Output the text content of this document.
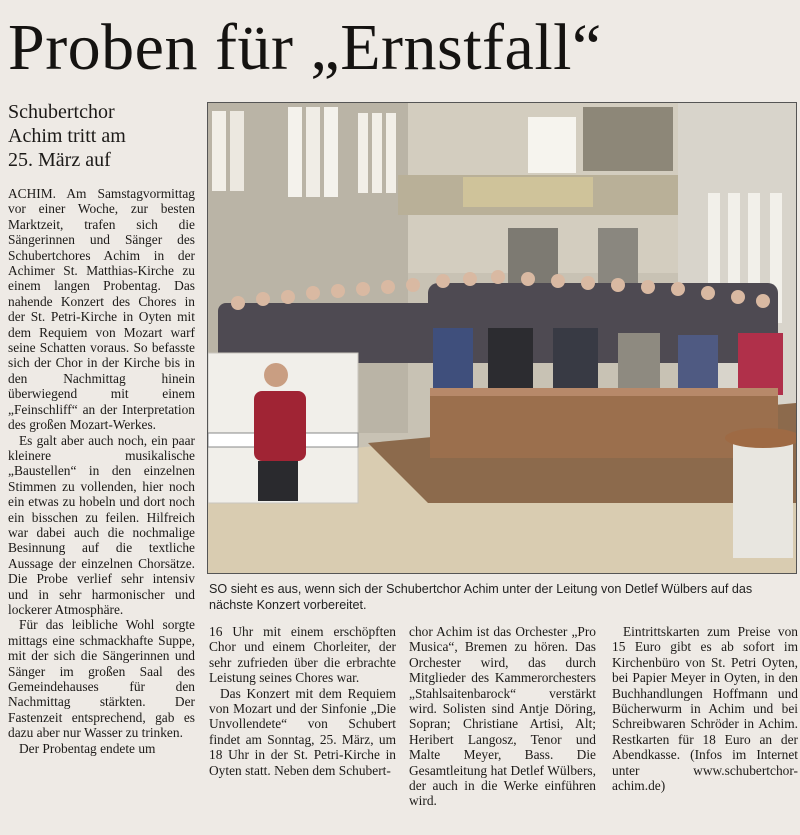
Proben für „Ernstfall“
Schubertchor
Achim tritt am
25. März auf

ACHIM. Am Samstagvormittag vor einer Woche, zur besten Marktzeit, trafen sich die Sängerinnen und Sänger des Schubertchores Achim in der Achimer St. Matthias-Kirche zu einem langen Probentag. Das nahende Konzert des Chores in der St. Petri-Kirche in Oyten mit dem Requiem von Mozart warf seine Schatten voraus. So befasste sich der Chor in der Kirche bis in den Nachmittag hinein überwiegend mit einem „Feinschliff“ an der Interpretation des großen Mozart-Werkes.

Es galt aber auch noch, ein paar kleinere musikalische „Baustellen“ in den einzelnen Stimmen zu vollenden, hier noch ein etwas zu hobeln und dort noch ein bisschen zu feilen. Hilfreich war dabei auch die nochmalige Besinnung auf die textliche Aussage der einzelnen Chorsätze. Die Probe verlief sehr intensiv und in sehr harmonischer und lockerer Atmosphäre.

Für das leibliche Wohl sorgte mittags eine schmackhafte Suppe, mit der sich die Sängerinnen und Sänger im großen Saal des Gemeindehauses für den Nachmittag stärkten. Der Fastenzeit entsprechend, gab es dazu aber nur Wasser zu trinken.

Der Probentag endete um

SO sieht es aus, wenn sich der Schubertchor Achim unter der Leitung von Detlef Wülbers auf das nächste Konzert vorbereitet.

16 Uhr mit einem erschöpften Chor und einem Chorleiter, der sehr zufrieden über die erbrachte Leistung seines Chores war.

Das Konzert mit dem Requiem von Mozart und der Sinfonie „Die Unvollendete“ von Schubert findet am Sonntag, 25. März, um 18 Uhr in der St. Petri-Kirche in Oyten statt. Neben dem Schubert-

chor Achim ist das Orchester „Pro Musica“, Bremen zu hören. Das Orchester wird, das durch Mitglieder des Kammerorchesters „Stahlsaitenbarock“ verstärkt wird. Solisten sind Antje Döring, Sopran; Christiane Artisi, Alt; Heribert Langosz, Tenor und Malte Meyer, Bass. Die Gesamtleitung hat Detlef Wülbers, der auch in die Werke einführen wird.

Eintrittskarten zum Preise von 15 Euro gibt es ab sofort im Kirchenbüro von St. Petri Oyten, bei Papier Meyer in Oyten, in den Buchhandlungen Hoffmann und Bücherwurm in Achim und bei Schreibwaren Schröder in Achim. Restkarten für 18 Euro an der Abendkasse. (Infos im Internet unter www.schubertchor-achim.de)
